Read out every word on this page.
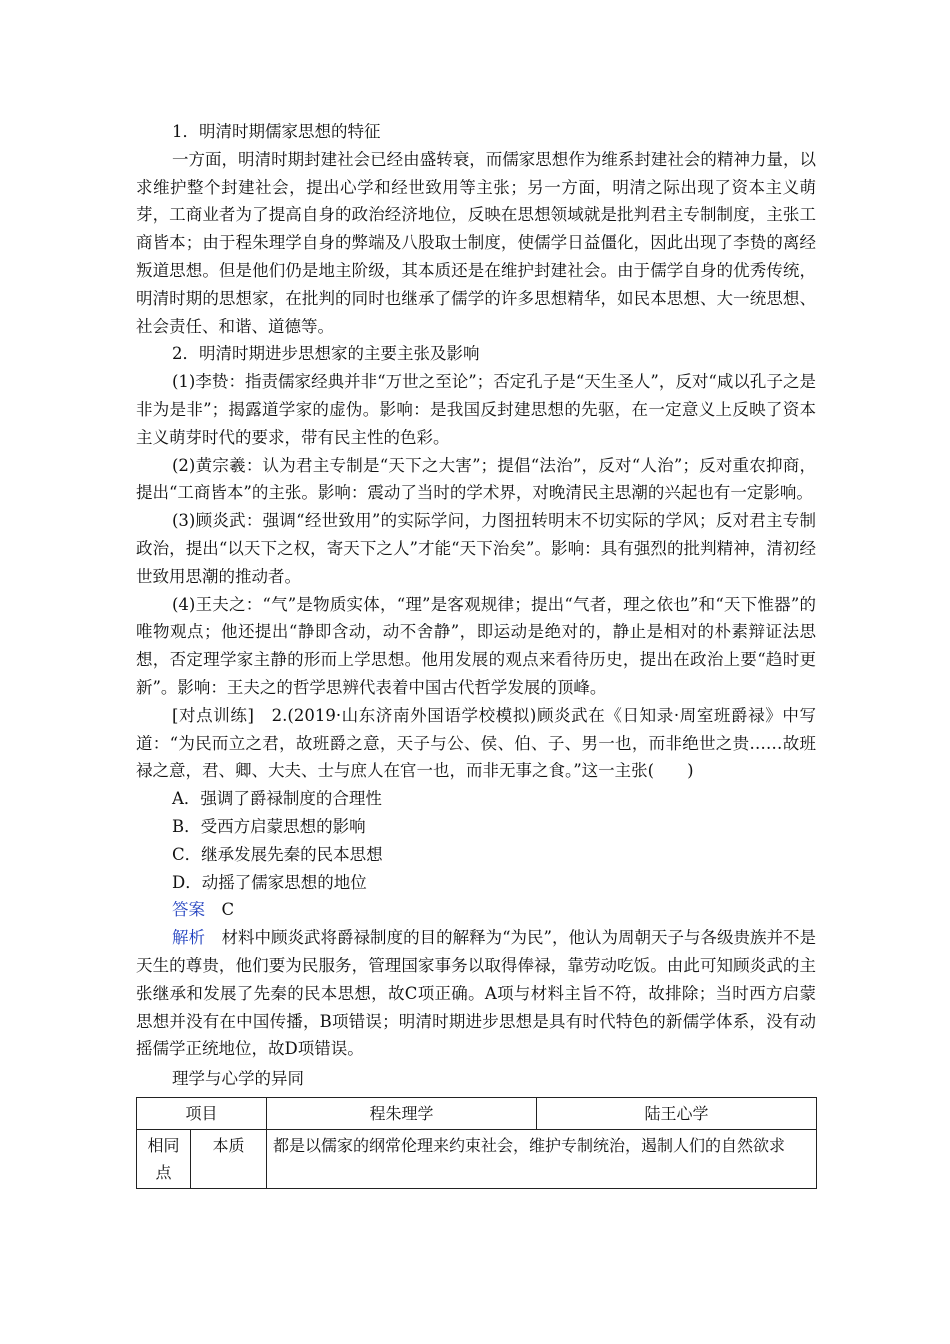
1．明清时期儒家思想的特征

一方面，明清时期封建社会已经由盛转衰，而儒家思想作为维系封建社会的精神力量，以求维护整个封建社会，提出心学和经世致用等主张；另一方面，明清之际出现了资本主义萌芽，工商业者为了提高自身的政治经济地位，反映在思想领域就是批判君主专制制度，主张工商皆本；由于程朱理学自身的弊端及八股取士制度，使儒学日益僵化，因此出现了李贽的离经叛道思想。但是他们仍是地主阶级，其本质还是在维护封建社会。由于儒学自身的优秀传统，明清时期的思想家，在批判的同时也继承了儒学的许多思想精华，如民本思想、大一统思想、社会责任、和谐、道德等。

2．明清时期进步思想家的主要主张及影响

(1)李贽：指责儒家经典并非“万世之至论”；否定孔子是“天生圣人”，反对“咸以孔子之是非为是非”；揭露道学家的虚伪。影响：是我国反封建思想的先驱，在一定意义上反映了资本主义萌芽时代的要求，带有民主性的色彩。

(2)黄宗羲：认为君主专制是“天下之大害”；提倡“法治”，反对“人治”；反对重农抑商，提出“工商皆本”的主张。影响：震动了当时的学术界，对晚清民主思潮的兴起也有一定影响。

(3)顾炎武：强调“经世致用”的实际学问，力图扭转明末不切实际的学风；反对君主专制政治，提出“以天下之权，寄天下之人”才能“天下治矣”。影响：具有强烈的批判精神，清初经世致用思潮的推动者。

(4)王夫之：“气”是物质实体，“理”是客观规律；提出“气者，理之依也”和“天下惟器”的唯物观点；他还提出“静即含动，动不舍静”，即运动是绝对的，静止是相对的朴素辩证法思想，否定理学家主静的形而上学思想。他用发展的观点来看待历史，提出在政治上要“趋时更新”。影响：王夫之的哲学思辨代表着中国古代哲学发展的顶峰。

[对点训练]　2.(2019·山东济南外国语学校模拟)顾炎武在《日知录·周室班爵禄》中写道：“为民而立之君，故班爵之意，天子与公、侯、伯、子、男一也，而非绝世之贵……故班禄之意，君、卿、大夫、士与庶人在官一也，而非无事之食。”这一主张(　　)

A．强调了爵禄制度的合理性

B．受西方启蒙思想的影响

C．继承发展先秦的民本思想

D．动摇了儒家思想的地位

答案　 C

解析　 材料中顾炎武将爵禄制度的目的解释为“为民”，他认为周朝天子与各级贵族并不是天生的尊贵，他们要为民服务，管理国家事务以取得俸禄，靠劳动吃饭。由此可知顾炎武的主张继承和发展了先秦的民本思想，故C项正确。A项与材料主旨不符，故排除；当时西方启蒙思想并没有在中国传播，B项错误；明清时期进步思想是具有时代特色的新儒学体系，没有动摇儒学正统地位，故D项错误。

理学与心学的异同

项目		程朱理学	陆王心学
相同点	本质	都是以儒家的纲常伦理来约束社会，维护专制统治，遏制人们的自然欲求	
